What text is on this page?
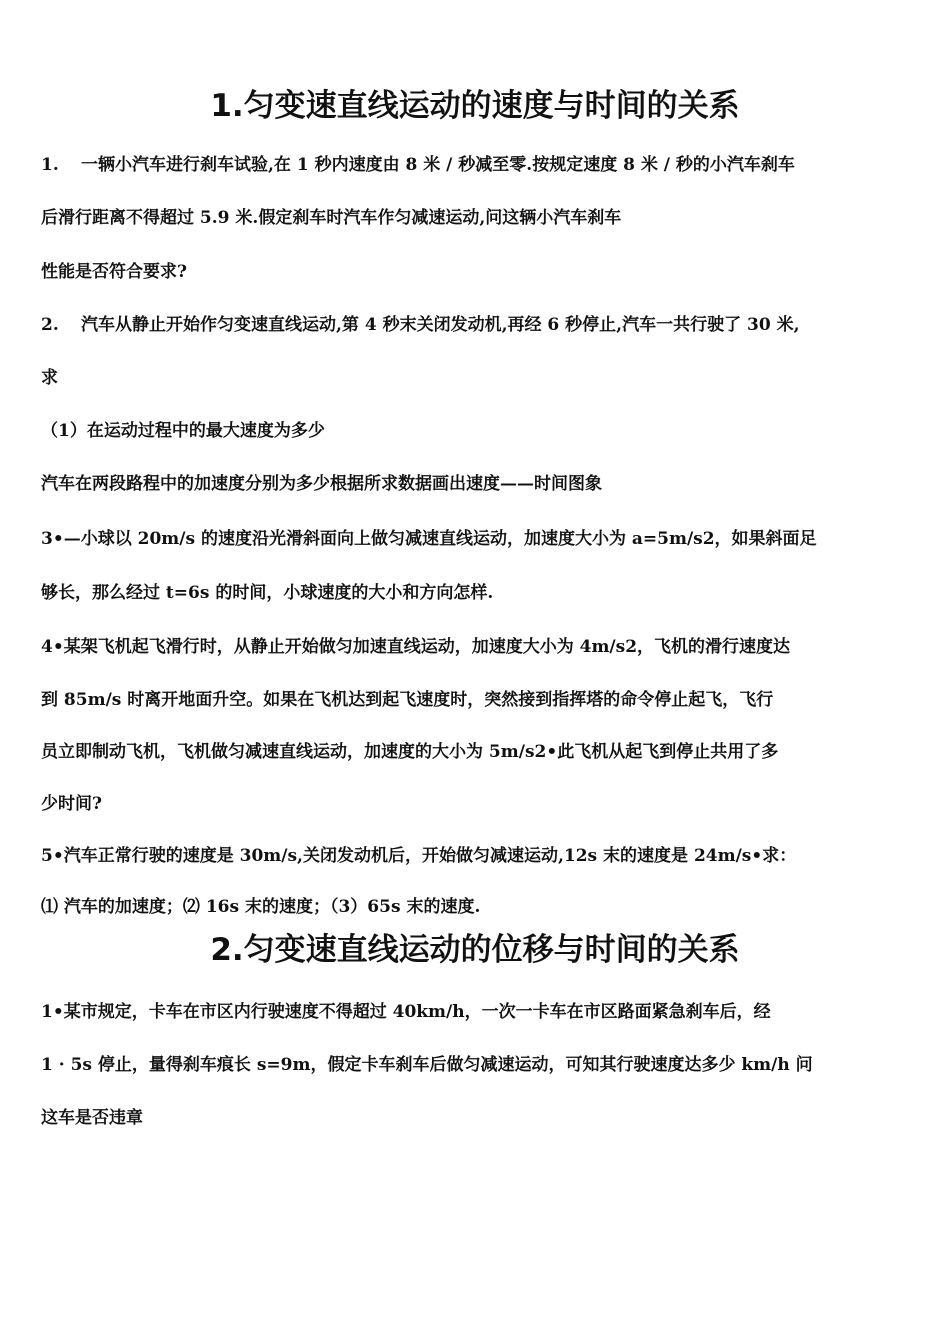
1.匀变速直线运动的速度与时间的关系
1. 一辆小汽车进行刹车试验,在 1 秒内速度由 8 米 / 秒减至零.按规定速度 8 米 / 秒的小汽车刹车
后滑行距离不得超过 5.9 米.假定刹车时汽车作匀减速运动,问这辆小汽车刹车
性能是否符合要求?
2. 汽车从静止开始作匀变速直线运动,第 4 秒末关闭发动机,再经 6 秒停止,汽车一共行驶了 30 米,
求
（1）在运动过程中的最大速度为多少
汽车在两段路程中的加速度分别为多少根据所求数据画出速度——时间图象
3•—小球以 20m/s 的速度沿光滑斜面向上做匀减速直线运动，加速度大小为 a=5m/s2，如果斜面足
够长，那么经过 t=6s 的时间，小球速度的大小和方向怎样.
4•某架飞机起飞滑行时，从静止开始做匀加速直线运动，加速度大小为 4m/s2，飞机的滑行速度达
到 85m/s 时离开地面升空。如果在飞机达到起飞速度时，突然接到指挥塔的命令停止起飞，飞行
员立即制动飞机，飞机做匀减速直线运动，加速度的大小为 5m/s2•此飞机从起飞到停止共用了多
少时间?
5•汽车正常行驶的速度是 30m/s,关闭发动机后，开始做匀减速运动,12s 末的速度是 24m/s•求：
⑴ 汽车的加速度；⑵ 16s 末的速度；（3）65s 末的速度.
2.匀变速直线运动的位移与时间的关系
1•某市规定，卡车在市区内行驶速度不得超过 40km/h，一次一卡车在市区路面紧急刹车后，经
1 · 5s 停止，量得刹车痕长 s=9m，假定卡车刹车后做匀减速运动，可知其行驶速度达多少 km/h 问
这车是否违章
